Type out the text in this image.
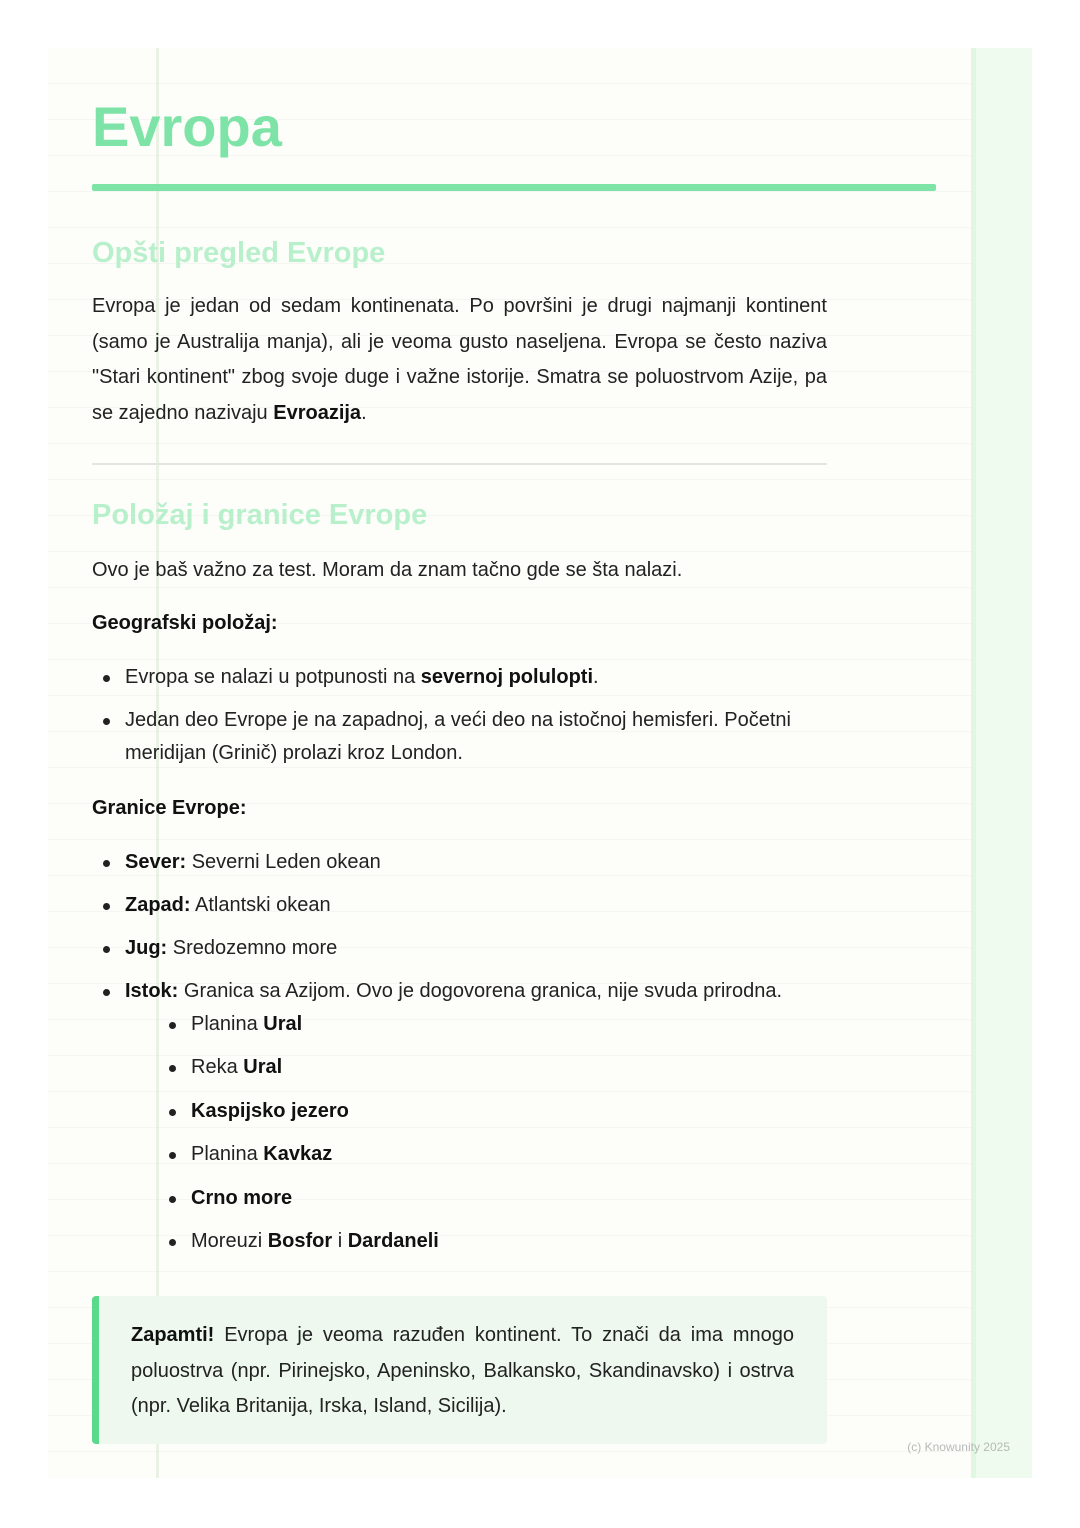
Evropa
Opšti pregled Evrope

Evropa je jedan od sedam kontinenata. Po površini je drugi najmanji kontinent (samo je Australija manja), ali je veoma gusto naseljena. Evropa se često naziva "Stari kontinent" zbog svoje duge i važne istorije. Smatra se poluostrvom Azije, pa se zajedno nazivaju Evroazija.

Položaj i granice Evrope

Ovo je baš važno za test. Moram da znam tačno gde se šta nalazi.

Geografski položaj:
Evropa se nalazi u potpunosti na severnoj polulopti.
Jedan deo Evrope je na zapadnoj, a veći deo na istočnoj hemisferi. Početni meridijan (Grinič) prolazi kroz London.
Granice Evrope:
Sever: Severni Leden okean
Zapad: Atlantski okean
Jug: Sredozemno more
Istok: Granica sa Azijom. Ovo je dogovorena granica, nije svuda prirodna.
Planina Ural
Reka Ural
Kaspijsko jezero
Planina Kavkaz
Crno more
Moreuzi Bosfor i Dardaneli
Zapamti! Evropa je veoma razuđen kontinent. To znači da ima mnogo poluostrva (npr. Pirinejsko, Apeninsko, Balkansko, Skandinavsko) i ostrva (npr. Velika Britanija, Irska, Island, Sicilija).
(c) Knowunity 2025
